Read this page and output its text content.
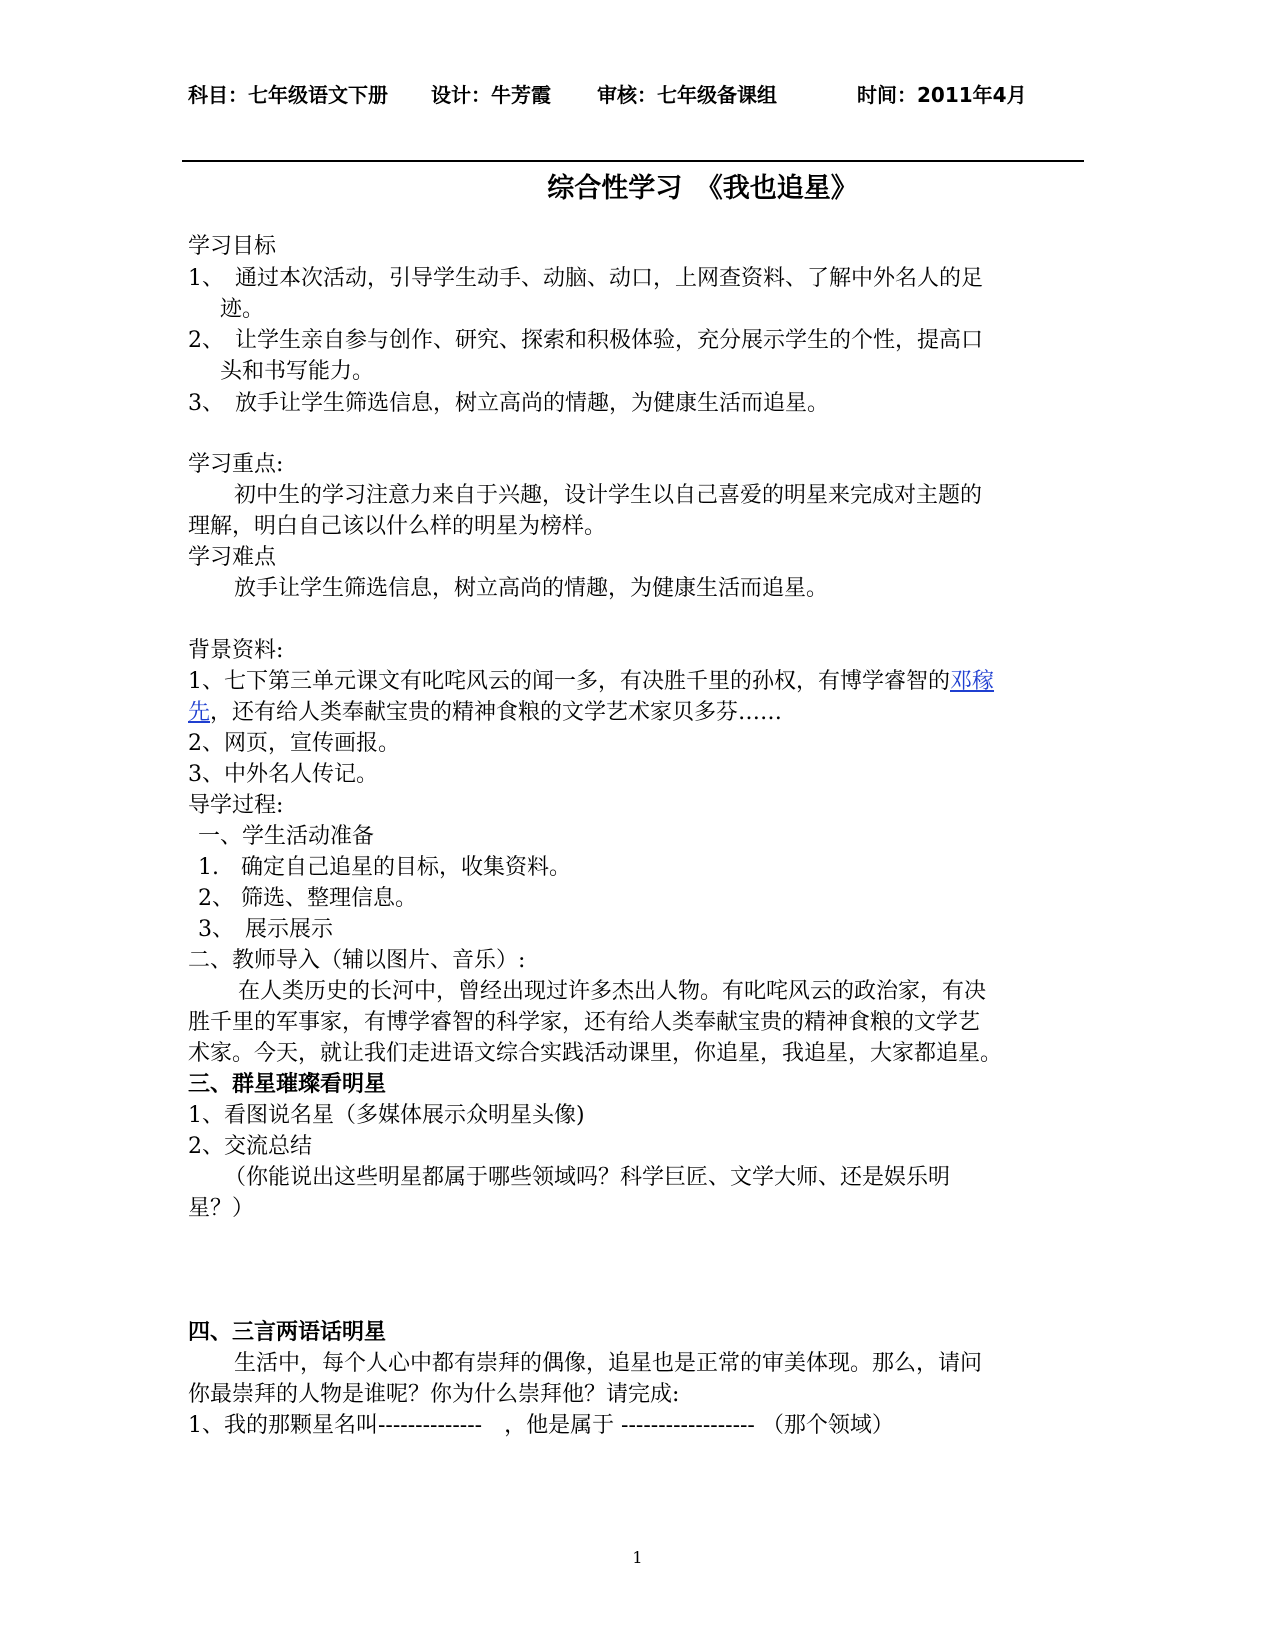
科目：七年级语文下册 设计：牛芳霞 审核：七年级备课组	时间：2011年4月
综合性学习　《我也追星》
学习目标
1、　通过本次活动，引导学生动手、动脑、动口，上网查资料、了解中外名人的足
迹。
2、　让学生亲自参与创作、研究、探索和积极体验，充分展示学生的个性，提高口
头和书写能力。
3、　放手让学生筛选信息，树立高尚的情趣，为健康生活而追星。
学习重点:
初中生的学习注意力来自于兴趣，设计学生以自己喜爱的明星来完成对主题的
理解，明白自己该以什么样的明星为榜样。
学习难点
放手让学生筛选信息，树立高尚的情趣，为健康生活而追星。
背景资料:
1、七下第三单元课文有叱咤风云的闻一多，有决胜千里的孙权，有博学睿智的邓稼
先，还有给人类奉献宝贵的精神食粮的文学艺术家贝多芬……
2、网页，宣传画报。
3、中外名人传记。
导学过程:
一、学生活动准备
1.　确定自己追星的目标，收集资料。
2、 筛选、整理信息。
3、　展示展示
二、教师导入（辅以图片、音乐）:
在人类历史的长河中，曾经出现过许多杰出人物。有叱咤风云的政治家，有决
胜千里的军事家，有博学睿智的科学家，还有给人类奉献宝贵的精神食粮的文学艺
术家。今天，就让我们走进语文综合实践活动课里，你追星，我追星，大家都追星。
三、群星璀璨看明星
1、看图说名星（多媒体展示众明星头像)
2、交流总结
（你能说出这些明星都属于哪些领域吗？科学巨匠、文学大师、还是娱乐明
星？）
四、三言两语话明星
生活中，每个人心中都有崇拜的偶像，追星也是正常的审美体现。那么，请问
你最崇拜的人物是谁呢？你为什么崇拜他？请完成:
1、我的那颗星名叫--------------　，他是属于 ------------------ （那个领域）
1
